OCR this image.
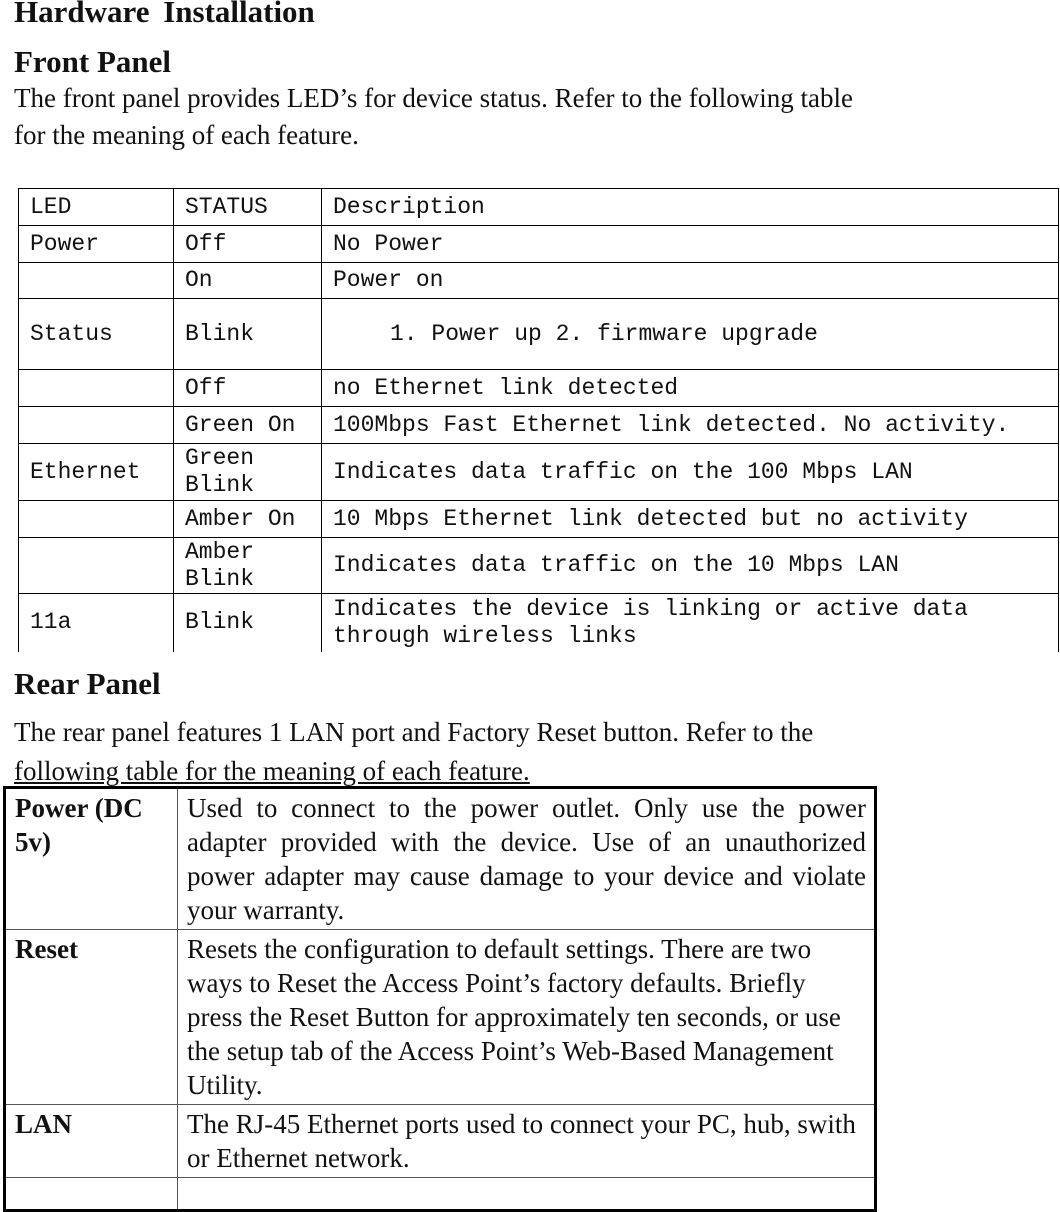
Hardware Installation
Front Panel
The front panel provides LED’s for device status. Refer to the following table
for the meaning of each feature.
LED	STATUS	Description
Power	Off	No Power
	On	Power on
Status	Blink	1. Power up 2. firmware upgrade
	Off	no Ethernet link detected
	Green On	100Mbps Fast Ethernet link detected. No activity.
Ethernet	Green Blink	Indicates data traffic on the 100 Mbps LAN
	Amber On	10 Mbps Ethernet link detected but no activity
	Amber Blink	Indicates data traffic on the 10 Mbps LAN
11a	Blink	Indicates the device is linking or active data through wireless links
Rear Panel
The rear panel features 1 LAN port and Factory Reset button. Refer to the
following table for the meaning of each feature.
Power (DC 5v)	Used to connect to the power outlet. Only use the power adapter provided with the device. Use of an unauthorized power adapter may cause damage to your device and violate your warranty.
Reset	Resets the configuration to default settings. There are two ways to Reset the Access Point’s factory defaults. Briefly press the Reset Button for approximately ten seconds, or use the setup tab of the Access Point’s Web-Based Management Utility.
LAN	The RJ-45 Ethernet ports used to connect your PC, hub, swith or Ethernet network.
